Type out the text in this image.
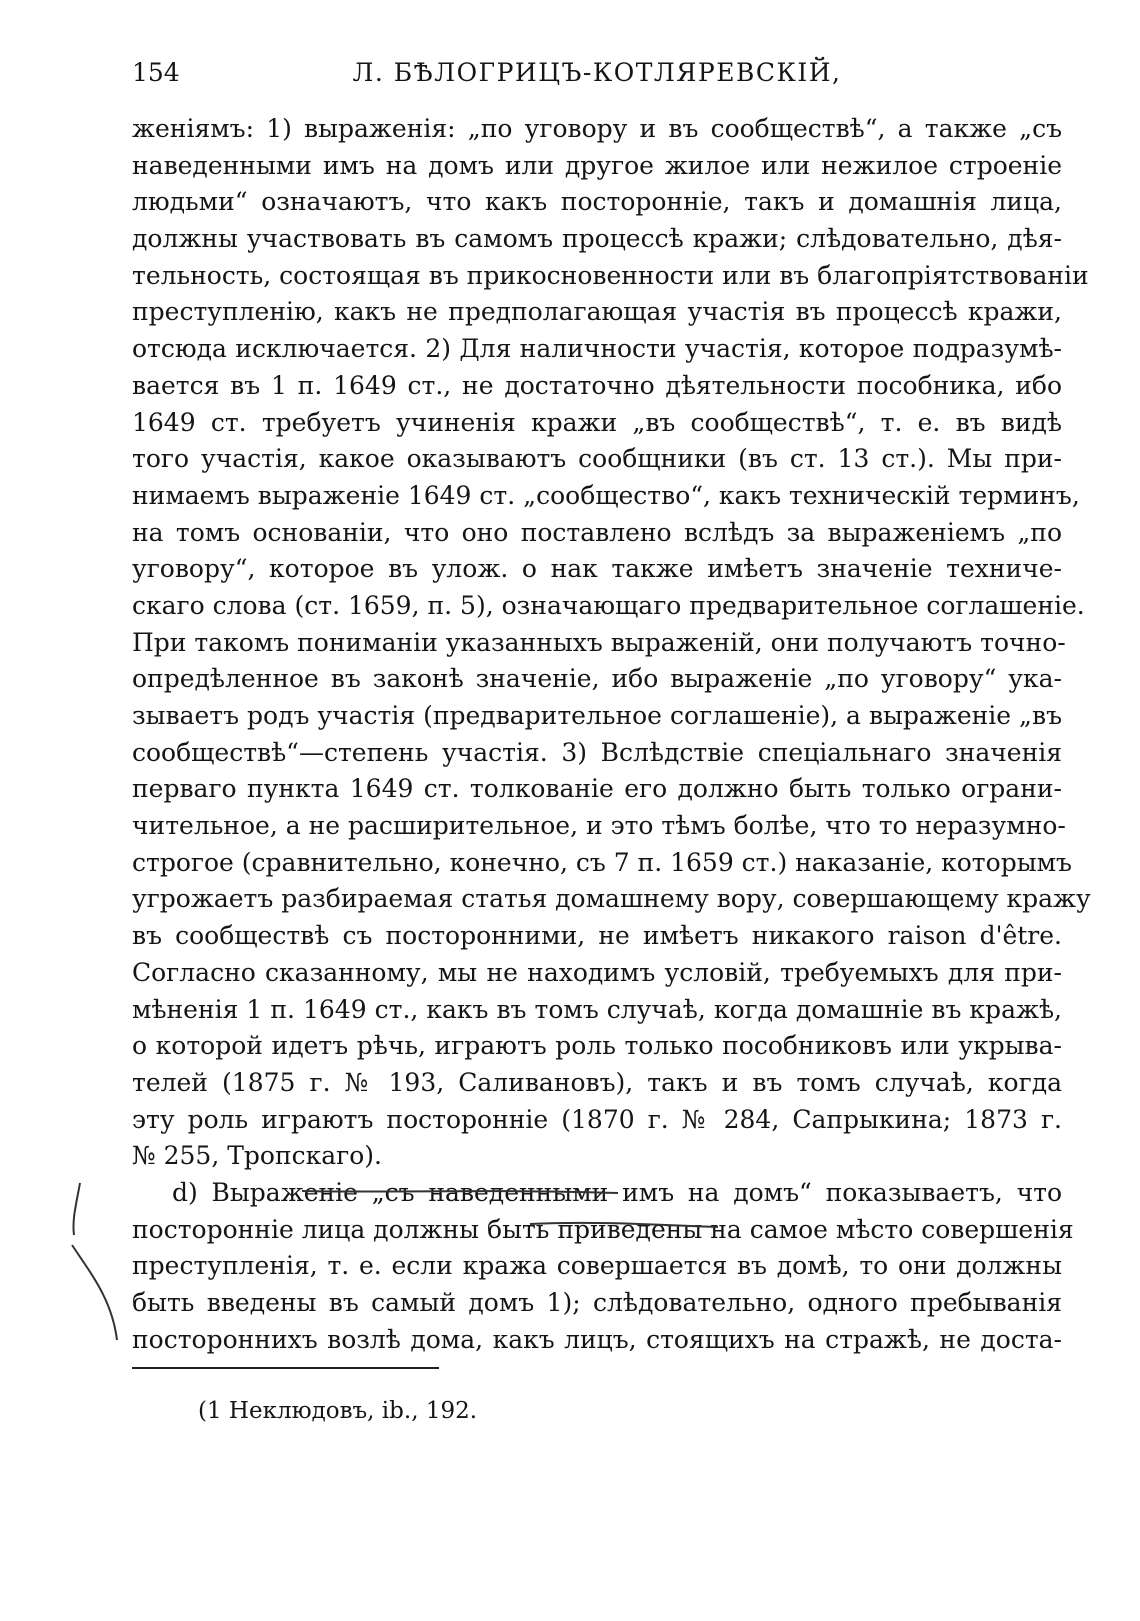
154	Л. БѢЛОГРИЦЪ-КОТЛЯРЕВСКІЙ,
женіямъ: 1) выраженія: „по уговору и въ сообществѣ“, а также „съ
наведенными имъ на домъ или другое жилое или нежилое строеніе
людьми“ означаютъ, что какъ посторонніе, такъ и домашнія лица,
должны участвовать въ самомъ процессѣ кражи; слѣдовательно, дѣя-
тельность, состоящая въ прикосновенности или въ благопріятствованіи
преступленію, какъ не предполагающая участія въ процессѣ кражи,
отсюда исключается. 2) Для наличности участія, которое подразумѣ-
вается въ 1 п. 1649 ст., не достаточно дѣятельности пособника, ибо
1649 ст. требуетъ учиненія кражи „въ сообществѣ“, т. е. въ видѣ
того участія, какое оказываютъ сообщники (въ ст. 13 ст.). Мы при-
нимаемъ выраженіе 1649 ст. „сообщество“, какъ техническій терминъ,
на томъ основаніи, что оно поставлено вслѣдъ за выраженіемъ „по
уговору“, которое въ улож. о нак также имѣетъ значеніе техниче-
скаго слова (ст. 1659, п. 5), означающаго предварительное соглашеніе.
При такомъ пониманіи указанныхъ выраженій, они получаютъ точно-
опредѣленное въ законѣ значеніе, ибо выраженіе „по уговору“ ука-
зываетъ родъ участія (предварительное соглашеніе), а выраженіе „въ
сообществѣ“—степень участія. 3) Вслѣдствіе спеціальнаго значенія
перваго пункта 1649 ст. толкованіе его должно быть только ограни-
чительное, а не расширительное, и это тѣмъ болѣе, что то неразумно-
строгое (сравнительно, конечно, съ 7 п. 1659 ст.) наказаніе, которымъ
угрожаетъ разбираемая статья домашнему вору, совершающему кражу
въ сообществѣ съ посторонними, не имѣетъ никакого raison d'être.
Согласно сказанному, мы не находимъ условій, требуемыхъ для при-
мѣненія 1 п. 1649 ст., какъ въ томъ случаѣ, когда домашніе въ кражѣ,
о которой идетъ рѣчь, играютъ роль только пособниковъ или укрыва-
телей (1875 г. № 193, Саливановъ), такъ и въ томъ случаѣ, когда
эту роль играютъ посторонніе (1870 г. № 284, Сапрыкина; 1873 г.
№ 255, Тропскаго).
d) Выраженіе „съ наведенными имъ на домъ“ показываетъ, что
посторонніе лица должны быть приведены на самое мѣсто совершенія
преступленія, т. е. если кража совершается въ домѣ, то они должны
быть введены въ самый домъ 1); слѣдовательно, одного пребыванія
постороннихъ возлѣ дома, какъ лицъ, стоящихъ на стражѣ, не доста-
(1 Неклюдовъ, ib., 192.
